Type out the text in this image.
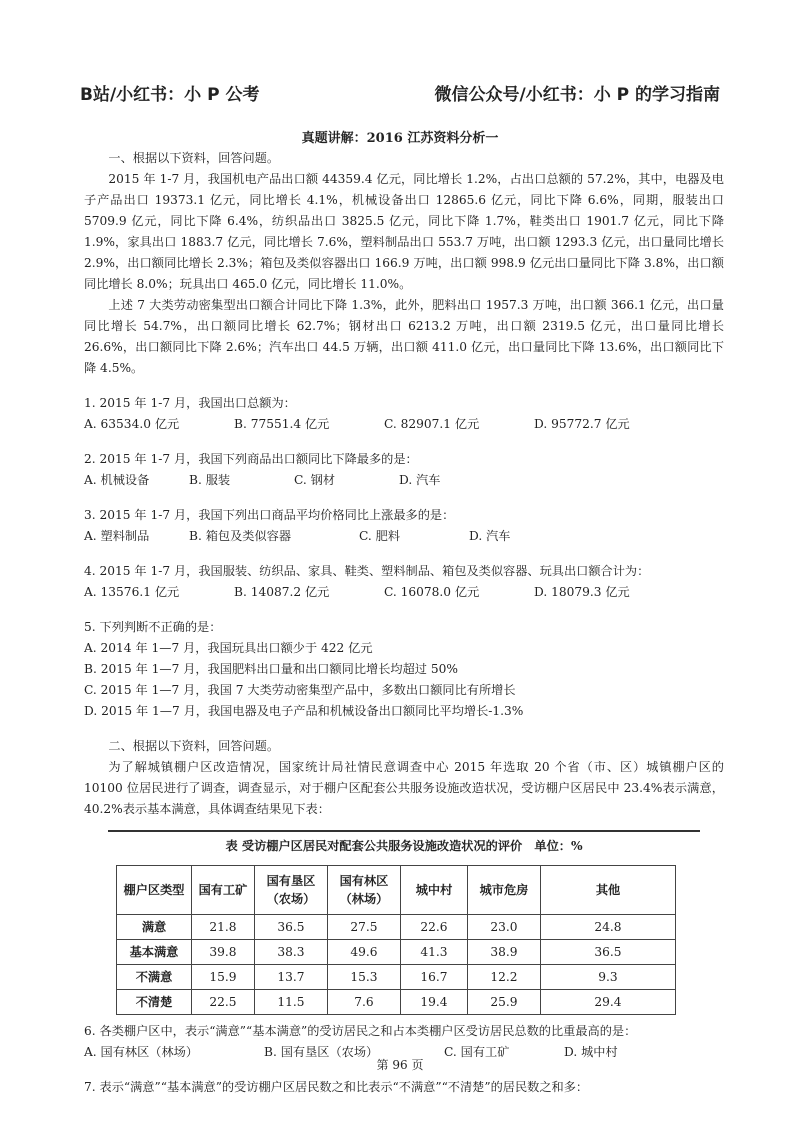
B站/小红书：小 P 公考	微信公众号/小红书：小 P 的学习指南
真题讲解：2016 江苏资料分析一

一、根据以下资料，回答问题。

2015 年 1-7 月，我国机电产品出口额 44359.4 亿元，同比增长 1.2%，占出口总额的 57.2%，其中，电器及电子产品出口 19373.1 亿元，同比增长 4.1%，机械设备出口 12865.6 亿元，同比下降 6.6%，同期，服装出口 5709.9 亿元，同比下降 6.4%，纺织品出口 3825.5 亿元，同比下降 1.7%，鞋类出口 1901.7 亿元，同比下降 1.9%，家具出口 1883.7 亿元，同比增长 7.6%，塑料制品出口 553.7 万吨，出口额 1293.3 亿元，出口量同比增长 2.9%，出口额同比增长 2.3%；箱包及类似容器出口 166.9 万吨，出口额 998.9 亿元出口量同比下降 3.8%，出口额同比增长 8.0%；玩具出口 465.0 亿元，同比增长 11.0%。

上述 7 大类劳动密集型出口额合计同比下降 1.3%，此外，肥料出口 1957.3 万吨，出口额 366.1 亿元，出口量同比增长 54.7%，出口额同比增长 62.7%；钢材出口 6213.2 万吨，出口额 2319.5 亿元，出口量同比增长 26.6%，出口额同比下降 2.6%；汽车出口 44.5 万辆，出口额 411.0 亿元，出口量同比下降 13.6%，出口额同比下降 4.5%。

1. 2015 年 1-7 月，我国出口总额为：

A. 63534.0 亿元	B. 77551.4 亿元	C. 82907.1 亿元	D. 95772.7 亿元

2. 2015 年 1-7 月，我国下列商品出口额同比下降最多的是：

A. 机械设备	B. 服装	C. 钢材	D. 汽车

3. 2015 年 1-7 月，我国下列出口商品平均价格同比上涨最多的是：

A. 塑料制品	B. 箱包及类似容器	C. 肥料	D. 汽车

4. 2015 年 1-7 月，我国服装、纺织品、家具、鞋类、塑料制品、箱包及类似容器、玩具出口额合计为：

A. 13576.1 亿元	B. 14087.2 亿元	C. 16078.0 亿元	D. 18079.3 亿元

5. 下列判断不正确的是：

A. 2014 年 1—7 月，我国玩具出口额少于 422 亿元

B. 2015 年 1—7 月，我国肥料出口量和出口额同比增长均超过 50%

C. 2015 年 1—7 月，我国 7 大类劳动密集型产品中，多数出口额同比有所增长

D. 2015 年 1—7 月，我国电器及电子产品和机械设备出口额同比平均增长-1.3%

二、根据以下资料，回答问题。

为了解城镇棚户区改造情况，国家统计局社情民意调查中心 2015 年选取 20 个省（市、区）城镇棚户区的 10100 位居民进行了调查，调查显示，对于棚户区配套公共服务设施改造状况，受访棚户区居民中 23.4%表示满意，40.2%表示基本满意，具体调查结果见下表：

表 受访棚户区居民对配套公共服务设施改造状况的评价　单位：%
棚户区类型	国有工矿	国有垦区（农场）	国有林区（林场）	城中村	城市危房	其他
满意	21.8	36.5	27.5	22.6	23.0	24.8
基本满意	39.8	38.3	49.6	41.3	38.9	36.5
不满意	15.9	13.7	15.3	16.7	12.2	9.3
不清楚	22.5	11.5	7.6	19.4	25.9	29.4

6. 各类棚户区中，表示“满意”“基本满意”的受访居民之和占本类棚户区受访居民总数的比重最高的是：

A. 国有林区（林场）	B. 国有垦区（农场）	C. 国有工矿	D. 城中村

7. 表示“满意”“基本满意”的受访棚户区居民数之和比表示“不满意”“不清楚”的居民数之和多：

第 96 页
